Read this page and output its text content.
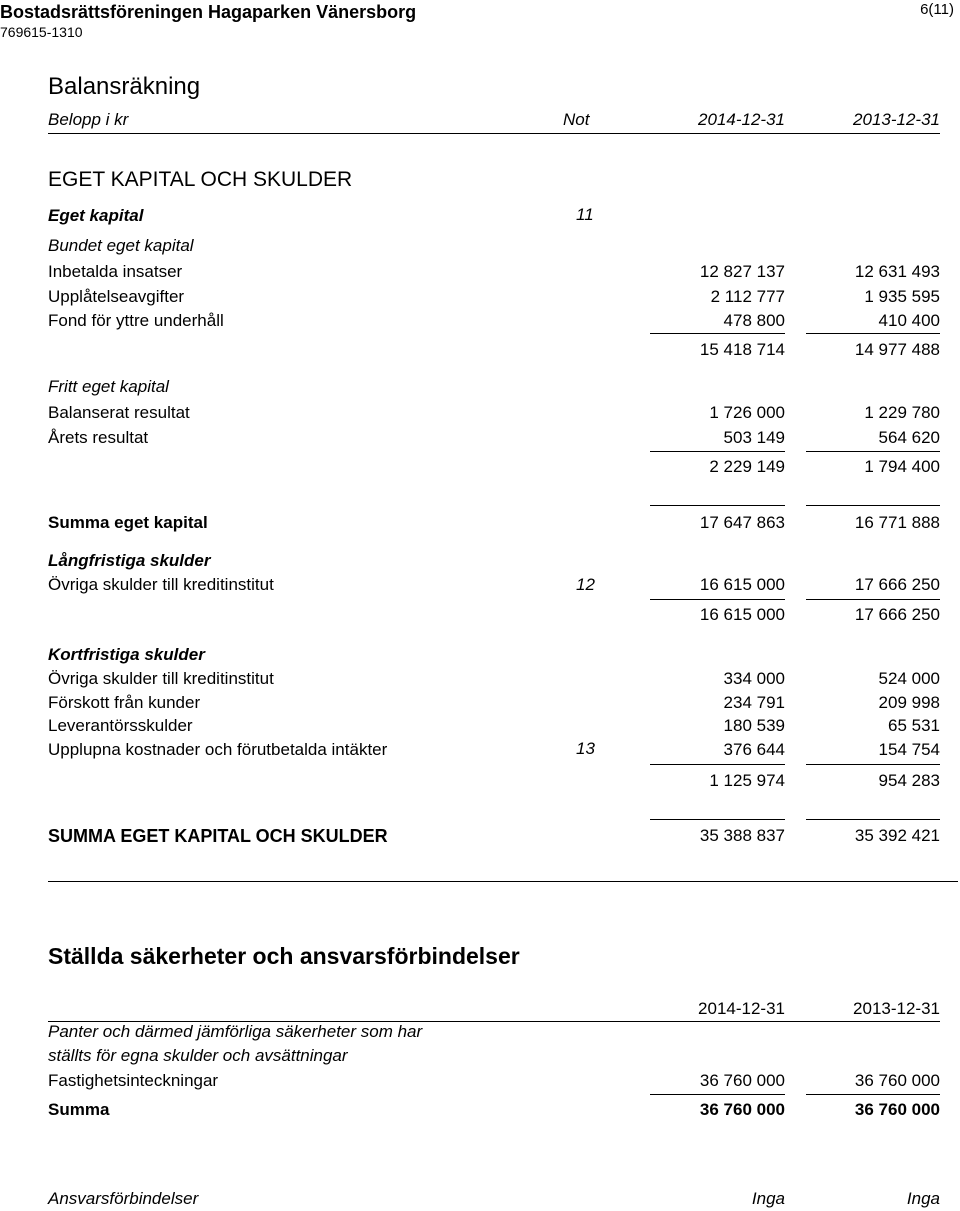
Bostadsrättsföreningen Hagaparken Vänersborg
769615-1310
6(11)
Balansräkning
Belopp i kr	Not	2014-12-31	2013-12-31
EGET KAPITAL OCH SKULDER
Eget kapital	11
Bundet eget kapital
Inbetalda insatser	12 827 137	12 631 493
Upplåtelseavgifter	2 112 777	1 935 595
Fond för yttre underhåll	478 800	410 400
15 418 714	14 977 488
Fritt eget kapital
Balanserat resultat	1 726 000	1 229 780
Årets resultat	503 149	564 620
2 229 149	1 794 400
Summa eget kapital	17 647 863	16 771 888
Långfristiga skulder
Övriga skulder till kreditinstitut	12	16 615 000	17 666 250
16 615 000	17 666 250
Kortfristiga skulder
Övriga skulder till kreditinstitut	334 000	524 000
Förskott från kunder	234 791	209 998
Leverantörsskulder	180 539	65 531
Upplupna kostnader och förutbetalda intäkter	13	376 644	154 754
1 125 974	954 283
SUMMA EGET KAPITAL OCH SKULDER	35 388 837	35 392 421
Ställda säkerheter och ansvarsförbindelser
2014-12-31	2013-12-31
Panter och därmed jämförliga säkerheter som har
ställts för egna skulder och avsättningar
Fastighetsinteckningar	36 760 000	36 760 000
Summa	36 760 000	36 760 000
Ansvarsförbindelser	Inga	Inga
